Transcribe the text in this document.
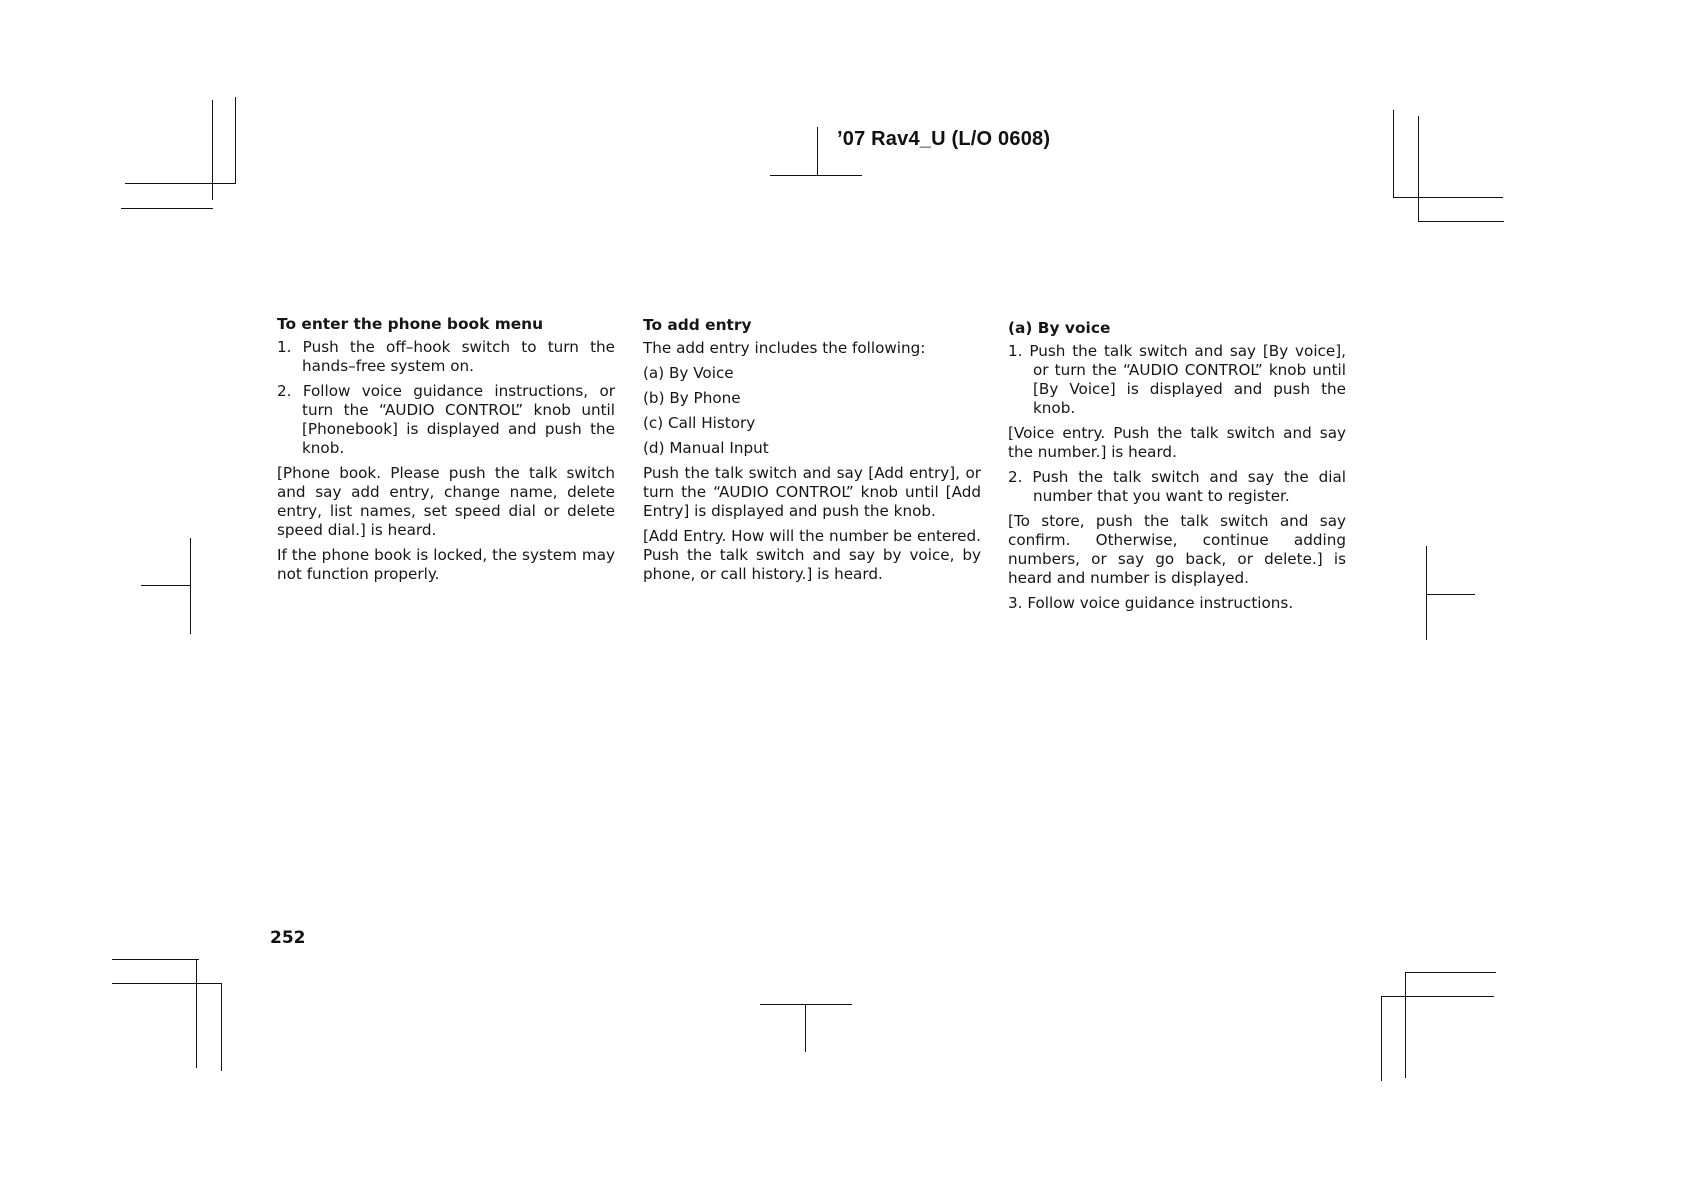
’07 Rav4_U (L/O 0608)
To enter the phone book menu
1. Push the off–hook switch to turn the hands–free system on.
2. Follow voice guidance instructions, or turn the “AUDIO CONTROL” knob until [Phonebook] is displayed and push the knob.
[Phone book. Please push the talk switch and say add entry, change name, delete entry, list names, set speed dial or delete speed dial.] is heard.
If the phone book is locked, the system may not function properly.
To add entry
The add entry includes the following:
(a) By Voice
(b) By Phone
(c) Call History
(d) Manual Input
Push the talk switch and say [Add entry], or turn the “AUDIO CONTROL” knob until [Add Entry] is displayed and push the knob.
[Add Entry. How will the number be entered. Push the talk switch and say by voice, by phone, or call history.] is heard.
(a) By voice
1. Push the talk switch and say [By voice], or turn the “AUDIO CONTROL” knob until [By Voice] is displayed and push the knob.
[Voice entry. Push the talk switch and say the number.] is heard.
2. Push the talk switch and say the dial number that you want to register.
[To store, push the talk switch and say confirm. Otherwise, continue adding numbers, or say go back, or delete.] is heard and number is displayed.
3. Follow voice guidance instructions.
252
